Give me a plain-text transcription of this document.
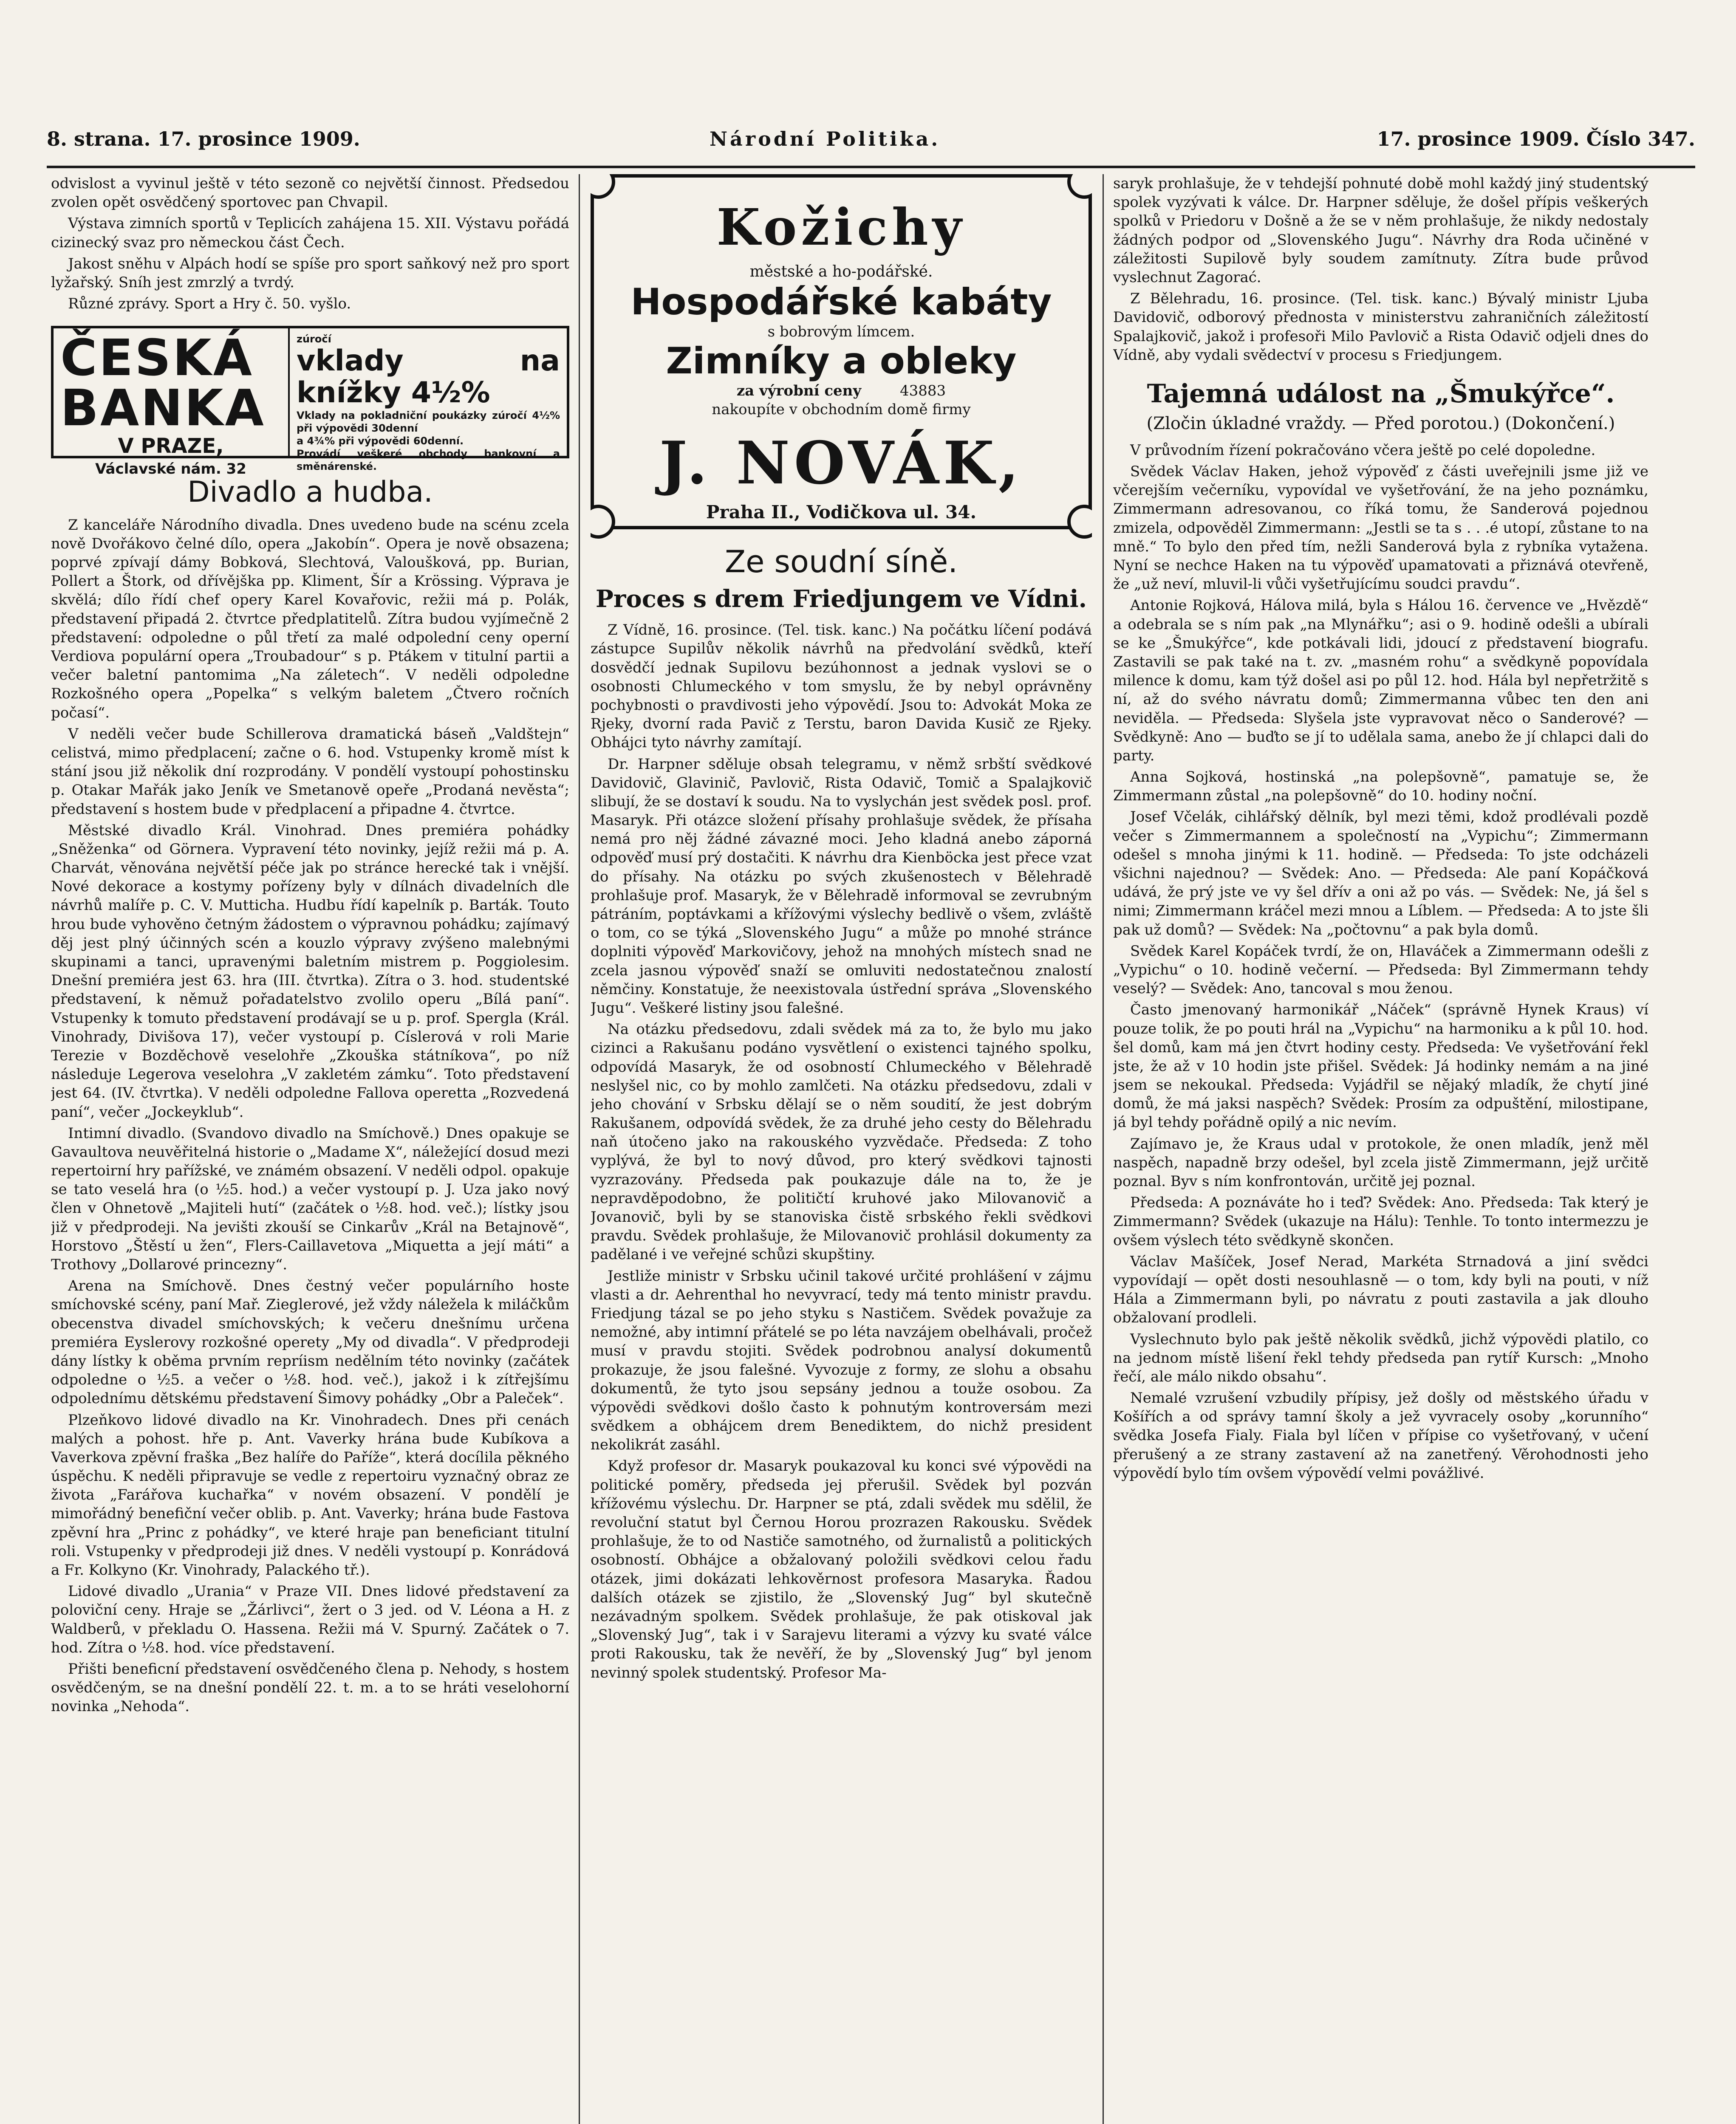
8. strana. 17. prosince 1909.	Národní Politika.	17. prosince 1909. Číslo 347.

odvislost a vyvinul ještě v této sezoně co největší činnost. Předsedou zvolen opět osvědčený sportovec pan Chvapil.

Výstava zimních sportů v Teplicích zahájena 15. XII. Výstavu pořádá cizinecký svaz pro německou část Čech.

Jakost sněhu v Alpách hodí se spíše pro sport saňkový než pro sport lyžařský. Sníh jest zmrzlý a tvrdý.

Různé zprávy. Sport a Hry č. 50. vyšlo.

ČESKÁ BANKA
V PRAZE,
Václavské nám. 32
zúročí
vklady na knížky 4½%
Vklady na pokladniční poukázky zúročí 4½% při výpovědi 30denní
a 4¾% při výpovědi 60denní.
Provádí veškeré obchody bankovní a směnárenské.
Divadlo a hudba.

Z kanceláře Národního divadla. Dnes uvedeno bude na scénu zcela nově Dvořákovo čelné dílo, opera „Jakobín“. Opera je nově obsazena; poprvé zpívají dámy Bobková, Slechtová, Valoušková, pp. Burian, Pollert a Štork, od dřívějška pp. Kliment, Šír a Krössing. Výprava je skvělá; dílo řídí chef opery Karel Kovařovic, režii má p. Polák, představení připadá 2. čtvrtce předplatitelů. Zítra budou vyjímečně 2 představení: odpoledne o půl třetí za malé odpolední ceny operní Verdiova populární opera „Troubadour“ s p. Ptákem v titulní partii a večer baletní pantomima „Na záletech“. V neděli odpoledne Rozkošného opera „Popelka“ s velkým baletem „Čtvero ročních počasí“.

V neděli večer bude Schillerova dramatická báseň „Valdštejn“ celistvá, mimo předplacení; začne o 6. hod. Vstupenky kromě míst k stání jsou již několik dní rozprodány. V pondělí vystoupí pohostinsku p. Otakar Mařák jako Jeník ve Smetanově opeře „Prodaná nevěsta“; představení s hostem bude v předplacení a připadne 4. čtvrtce.

Městské divadlo Král. Vinohrad. Dnes premiéra pohádky „Sněženka“ od Görnera. Vypravení této novinky, jejíž režii má p. A. Charvát, věnována největší péče jak po stránce herecké tak i vnější. Nové dekorace a kostymy pořízeny byly v dílnách divadelních dle návrhů malíře p. C. V. Muttichа. Hudbu řídí kapelník p. Barták. Touto hrou bude vyhověno četným žádostem o výpravnou pohádku; zajímavý děj jest plný účinných scén a kouzlo výpravy zvýšeno malebnými skupinami a tanci, upravenými baletním mistrem p. Poggiolesim. Dnešní premiéra jest 63. hra (III. čtvrtka). Zítra o 3. hod. studentské představení, k němuž pořadatelstvo zvolilo operu „Bílá paní“. Vstupenky k tomuto představení prodávají se u p. prof. Spergla (Král. Vinohrady, Divišova 17), večer vystoupí p. Císlerová v roli Marie Terezie v Bozděchově veselohře „Zkouška státníkova“, po níž následuje Legerova veselohra „V zakletém zámku“. Toto představení jest 64. (IV. čtvrtka). V neděli odpoledne Fallova operetta „Rozvedená paní“, večer „Jockeyklub“.

Intimní divadlo. (Svandovo divadlo na Smíchově.) Dnes opakuje se Gavaultova neuvěřitelná historie o „Madame X“, náležející dosud mezi repertoirní hry pařížské, ve známém obsazení. V neděli odpol. opakuje se tato veselá hra (o ½5. hod.) a večer vystoupí p. J. Uza jako nový člen v Ohnetově „Majiteli hutí“ (začátek o ½8. hod. več.); lístky jsou již v předprodeji. Na jevišti zkouší se Cinkarův „Král na Betajnově“, Horstovo „Štěstí u žen“, Flers-Caillavetova „Miquetta a její máti“ a Trothovy „Dollarové princezny“.

Arena na Smíchově. Dnes čestný večer populárního hoste smíchovské scény, paní Mař. Zieglerové, jež vždy náležela k miláčkům obecenstva divadel smíchovských; k večeru dnešnímu určena premiéra Eyslerovy rozkošné operety „My od divadla“. V předprodeji dány lístky k oběma prvním repríism nedělním této novinky (začátek odpoledne o ½5. a večer o ½8. hod. več.), jakož i k zítřejšímu odpolednímu dětskému představení Šimovy pohádky „Obr a Paleček“.

Plzeňkovo lidové divadlo na Kr. Vinohradech. Dnes při cenách malých a pohost. hře p. Ant. Vaverky hrána bude Kubíkova a Vaverkova zpěvní fraška „Bez halíře do Paříže“, která docílila pěkného úspěchu. K neděli připravuje se vedle z repertoiru vyznačný obraz ze života „Farářova kuchařka“ v novém obsazení. V pondělí je mimořádný benefiční večer oblib. p. Ant. Vaverky; hrána bude Fastova zpěvní hra „Princ z pohádky“, ve které hraje pan beneficiant titulní roli. Vstupenky v předprodeji již dnes. V neděli vystoupí p. Konrádová a Fr. Kolkyno (Kr. Vinohrady, Palackého tř.).

Lidové divadlo „Urania“ v Praze VII. Dnes lidové představení za poloviční ceny. Hraje se „Žárlivci“, žert o 3 jed. od V. Léona a H. z Waldberů, v překladu O. Hassena. Režii má V. Spurný. Začátek o 7. hod. Zítra o ½8. hod. více představení.

Přišti beneficní představení osvědčeného člena p. Nehody, s hostem osvědčeným, se na dnešní pondělí 22. t. m. a to se hráti veselohorní novinka „Nehoda“.

Kožichy
městské a ho-podářské.
Hospodářské kabáty
s bobrovým límcem.
Zimníky a obleky
za výrobní ceny	43883
nakoupíte v obchodním domě firmy
J. NOVÁK,
Praha II., Vodičkova ul. 34.
Ze soudní síně.
Proces s drem Friedjungem ve Vídni.

Z Vídně, 16. prosince. (Tel. tisk. kanc.) Na počátku líčení podává zástupce Supilův několik návrhů na předvolání svědků, kteří dosvědčí jednak Supilovu bezúhonnost a jednak vyslovi se o osobnosti Chlumeckého v tom smyslu, že by nebyl oprávněny pochybnosti o pravdivosti jeho výpovědí. Jsou to: Advokát Moka ze Rjeky, dvorní rada Pavič z Terstu, baron Davida Kusič ze Rjeky. Obhájci tyto návrhy zamítají.

Dr. Harpner sděluje obsah telegramu, v němž srbští svědkové Davidovič, Glavinič, Pavlovič, Rista Odavič, Tomič a Spalajkovič slibují, že se dostaví k soudu. Na to vyslychán jest svědek posl. prof. Masaryk. Při otázce složení přísahy prohlašuje svědek, že přísaha nemá pro něj žádné závazné moci. Jeho kladná anebo záporná odpověď musí prý dostačiti. K návrhu dra Kienböcka jest přece vzat do přísahy. Na otázku po svých zkušenostech v Bělehradě prohlašuje prof. Masaryk, že v Bělehradě informoval se zevrubným pátráním, poptávkami a křížovými výslechy bedlivě o všem, zvláště o tom, co se týká „Slovenského Jugu“ a může po mnohé stránce doplniti výpověď Markovičovy, jehož na mnohých místech snad ne zcela jasnou výpověď snaží se omluviti nedostatečnou znalostí němčiny. Konstatuje, že neexistovala ústřední správa „Slovenského Jugu“. Veškeré listiny jsou falešné.

Na otázku předsedovu, zdali svědek má za to, že bylo mu jako cizinci a Rakušanu podáno vysvětlení o existenci tajného spolku, odpovídá Masaryk, že od osobností Chlumeckého v Bělehradě neslyšel nic, co by mohlo zamlčeti. Na otázku předsedovu, zdali v jeho chování v Srbsku dělají se o něm soudití, že jest dobrým Rakušanem, odpovídá svědek, že za druhé jeho cesty do Bělehradu naň útočeno jako na rakouského vyzvědače. Předseda: Z toho vyplývá, že byl to nový důvod, pro který svědkovi tajnosti vyzrazovány. Předseda pak poukazuje dále na to, že je nepravděpodobno, že političtí kruhové jako Milovanovič a Jovanovič, byli by se stanoviska čistě srbského řekli svědkovi pravdu. Svědek prohlašuje, že Milovanovič prohlásil dokumenty za padělané i ve veřejné schůzi skupštiny.

Jestliže ministr v Srbsku učinil takové určité prohlášení v zájmu vlasti a dr. Aehrenthal ho nevyvrací, tedy má tento ministr pravdu. Friedjung tázal se po jeho styku s Nastičem. Svědek považuje za nemožné, aby intimní přátelé se po léta navzájem obelhávali, pročež musí v pravdu stojiti. Svědek podrobnou analysí dokumentů prokazuje, že jsou falešné. Vyvozuje z formy, ze slohu a obsahu dokumentů, že tyto jsou sepsány jednou a touže osobou. Za výpovědi svědkovi došlo často k pohnutým kontroversám mezi svědkem a obhájcem drem Benediktem, do nichž president nekolikrát zasáhl.

Když profesor dr. Masaryk poukazoval ku konci své výpovědi na politické poměry, předseda jej přerušil. Svědek byl pozván křížovému výslechu. Dr. Harpner se ptá, zdali svědek mu sdělil, že revoluční statut byl Černou Horou prozrazen Rakousku. Svědek prohlašuje, že to od Nastiče samotného, od žurnalistů a politických osobností. Obhájce a obžalovaný položili svědkovi celou řadu otázek, jimi dokázati lehkověrnost profesora Masaryka. Řadou dalších otázek se zjistilo, že „Slovenský Jug“ byl skutečně nezávadným spolkem. Svědek prohlašuje, že pak otiskoval jak „Slovenský Jug“, tak i v Sarajevu literami a výzvy ku svaté válce proti Rakousku, tak že nevěří, že by „Slovenský Jug“ byl jenom nevinný spolek studentský. Profesor Ma-

saryk prohlašuje, že v tehdejší pohnuté době mohl každý jiný studentský spolek vyzývati k válce. Dr. Harpner sděluje, že došel přípis veškerých spolků v Priedoru v Došně a že se v něm prohlašuje, že nikdy nedostaly žádných podpor od „Slovenského Jugu“. Návrhy dra Roda učiněné v záležitosti Supilově byly soudem zamítnuty. Zítra bude průvod vyslechnut Zagorać.

Z Bělehradu, 16. prosince. (Tel. tisk. kanc.) Bývalý ministr Ljuba Davidovič, odborový přednosta v ministerstvu zahraničních záležitostí Spalajkovič, jakož i profesoři Milo Pavlovič a Rista Odavič odjeli dnes do Vídně, aby vydali svědectví v procesu s Friedjungem.

Tajemná událost na „Šmukýřce“.
(Zločin úkladné vraždy. — Před porotou.) (Dokončení.)

V průvodním řízení pokračováno včera ještě po celé dopoledne.

Svědek Václav Haken, jehož výpověď z části uveřejnili jsme již ve včerejším večerníku, vypovídal ve vyšetřování, že na jeho poznámku, Zimmermann adresovanou, co říká tomu, že Sanderová pojednou zmizela, odpověděl Zimmermann: „Jestli se ta s . . .é utopí, zůstane to na mně.“ To bylo den před tím, nežli Sanderová byla z rybníka vytažena. Nyní se nechce Haken na tu výpověď upamatovati a přiznává otevřeně, že „už neví, mluvil-li vůči vyšetřujícímu soudci pravdu“.

Antonie Rojková, Hálova milá, byla s Hálou 16. července ve „Hvězdě“ a odebrala se s ním pak „na Mlynářku“; asi o 9. hodině odešli a ubírali se ke „Šmukýřce“, kde potkávali lidi, jdoucí z představení biografu. Zastavili se pak také na t. zv. „masném rohu“ a svědkyně popovídala milence k domu, kam týž došel asi po půl 12. hod. Hála byl nepřetržitě s ní, až do svého návratu domů; Zimmermanna vůbec ten den ani neviděla. — Předseda: Slyšela jste vypravovat něco o Sanderové? — Svědkyně: Ano — buďto se jí to udělala sama, anebo že jí chlapci dali do party.

Anna Sojková, hostinská „na polepšovně“, pamatuje se, že Zimmermann zůstal „na polepšovně“ do 10. hodiny noční.

Josef Včelák, cihlářský dělník, byl mezi těmi, kdož prodlévali pozdě večer s Zimmermannem a společností na „Vypichu“; Zimmermann odešel s mnoha jinými k 11. hodině. — Předseda: To jste odcházeli všichni najednou? — Svědek: Ano. — Předseda: Ale paní Kopáčková udává, že prý jste ve vy šel dřív a oni až po vás. — Svědek: Ne, já šel s nimi; Zimmermann kráčel mezi mnou a Líblem. — Předseda: A to jste šli pak už domů? — Svědek: Na „počtovnu“ a pak byla domů.

Svědek Karel Kopáček tvrdí, že on, Hlaváček a Zimmermann odešli z „Vypichu“ o 10. hodině večerní. — Předseda: Byl Zimmermann tehdy veselý? — Svědek: Ano, tancoval s mou ženou.

Často jmenovaný harmonikář „Náček“ (správně Hynek Kraus) ví pouze tolik, že po pouti hrál na „Vypichu“ na harmoniku a k půl 10. hod. šel domů, kam má jen čtvrt hodiny cesty. Předseda: Ve vyšetřování řekl jste, že až v 10 hodin jste přišel. Svědek: Já hodinky nemám a na jiné jsem se nekoukal. Předseda: Vyjádřil se nějaký mladík, že chytí jiné domů, že má jaksi naspěch? Svědek: Prosím za odpuštění, milostipane, já byl tehdy pořádně opilý a nic nevím.

Zajímavo je, že Kraus udal v protokole, že onen mladík, jenž měl naspěch, napadně brzy odešel, byl zcela jistě Zimmermann, jejž určitě poznal. Byv s ním konfrontován, určitě jej poznal.

Předseda: A poznáváte ho i teď? Svědek: Ano. Předseda: Tak který je Zimmermann? Svědek (ukazuje na Hálu): Tenhle. To tonto intermezzu je ovšem výslech této svědkyně skončen.

Václav Mašíček, Josef Nerad, Markéta Strnadová a jiní svědci vypovídají — opět dosti nesouhlasně — o tom, kdy byli na pouti, v níž Hála a Zimmermann byli, po návratu z pouti zastavila a jak dlouho obžalovaní prodleli.

Vyslechnuto bylo pak ještě několik svědků, jichž výpovědi platilo, co na jednom místě lišení řekl tehdy předseda pan rytíř Kursch: „Mnoho řečí, ale málo nikdo obsahu“.

Nemalé vzrušení vzbudily přípisy, jež došly od městského úřadu v Košířích a od správy tamní školy a jež vyvracely osoby „korunního“ svědka Josefa Fialy. Fiala byl líčen v přípise co vyšetřovaný, v učení přerušený a ze strany zastavení až na zanetřený. Věrohodnosti jeho výpovědí bylo tím ovšem výpovědí velmi povážlivé.
